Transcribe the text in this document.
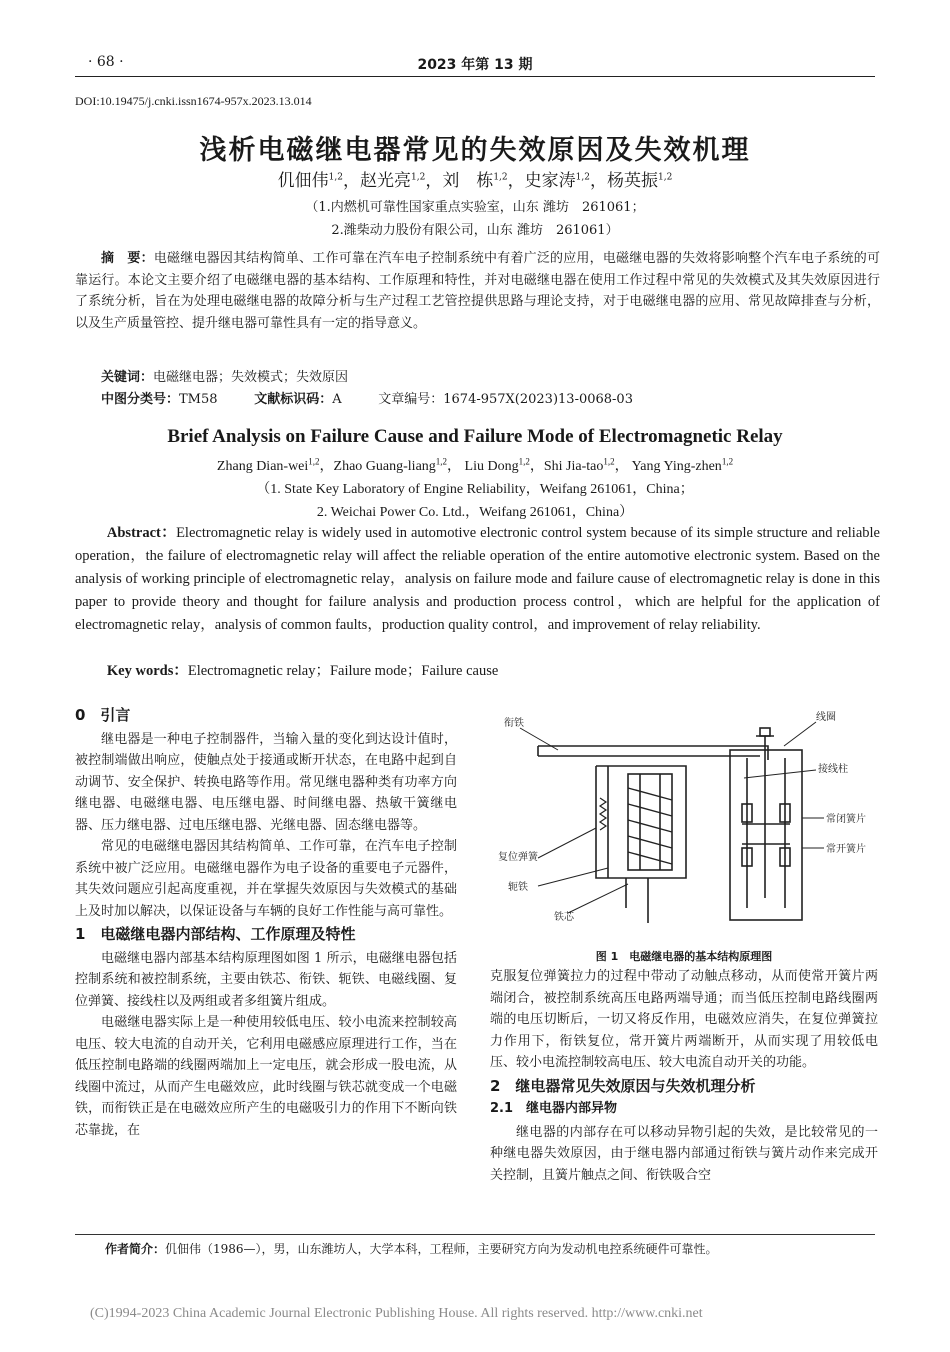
· 68 ·	2023 年第 13 期
DOI:10.19475/j.cnki.issn1674-957x.2023.13.014
浅析电磁继电器常见的失效原因及失效机理
仉佃伟$^{1,2}$，赵光亮$^{1,2}$，刘　栋$^{1,2}$，史家涛$^{1,2}$，杨英振$^{1,2}$
（1.内燃机可靠性国家重点实验室，山东 潍坊　261061；
2.潍柴动力股份有限公司，山东 潍坊　261061）
摘　要：电磁继电器因其结构简单、工作可靠在汽车电子控制系统中有着广泛的应用，电磁继电器的失效将影响整个汽车电子系统的可靠运行。本论文主要介绍了电磁继电器的基本结构、工作原理和特性，并对电磁继电器在使用工作过程中常见的失效模式及其失效原因进行了系统分析，旨在为处理电磁继电器的故障分析与生产过程工艺管控提供思路与理论支持，对于电磁继电器的应用、常见故障排查与分析，以及生产质量管控、提升继电器可靠性具有一定的指导意义。
关键词：电磁继电器；失效模式；失效原因
中图分类号：TM58	文献标识码：A	文章编号：1674-957X(2023)13-0068-03
Brief Analysis on Failure Cause and Failure Mode of Electromagnetic Relay
Zhang Dian-wei$^{1,2}$，Zhao Guang-liang$^{1,2}$， Liu Dong$^{1,2}$，Shi Jia-tao$^{1,2}$， Yang Ying-zhen$^{1,2}$
（1. State Key Laboratory of Engine Reliability，Weifang 261061，China；
2. Weichai Power Co. Ltd.，Weifang 261061，China）
Abstract：Electromagnetic relay is widely used in automotive electronic control system because of its simple structure and reliable operation，the failure of electromagnetic relay will affect the reliable operation of the entire automotive electronic system. Based on the analysis of working principle of electromagnetic relay，analysis on failure mode and failure cause of electromagnetic relay is done in this paper to provide theory and thought for failure analysis and production process control，which are helpful for the application of electromagnetic relay，analysis of common faults，production quality control，and improvement of relay reliability.
Key words：Electromagnetic relay；Failure mode；Failure cause
0　引言
继电器是一种电子控制器件，当输入量的变化到达设计值时，被控制端做出响应，使触点处于接通或断开状态，在电路中起到自动调节、安全保护、转换电路等作用。常见继电器种类有功率方向继电器、电磁继电器、电压继电器、时间继电器、热敏干簧继电器、压力继电器、过电压继电器、光继电器、固态继电器等。
常见的电磁继电器因其结构简单、工作可靠，在汽车电子控制系统中被广泛应用。电磁继电器作为电子设备的重要电子元器件，其失效问题应引起高度重视，并在掌握失效原因与失效模式的基础上及时加以解决，以保证设备与车辆的良好工作性能与高可靠性。
1　电磁继电器内部结构、工作原理及特性
电磁继电器内部基本结构原理图如图 1 所示，电磁继电器包括控制系统和被控制系统，主要由铁芯、衔铁、轭铁、电磁线圈、复位弹簧、接线柱以及两组或者多组簧片组成。
电磁继电器实际上是一种使用较低电压、较小电流来控制较高电压、较大电流的自动开关，它利用电磁感应原理进行工作，当在低压控制电路端的线圈两端加上一定电压，就会形成一股电流，从线圈中流过，从而产生电磁效应，此时线圈与铁芯就变成一个电磁铁，而衔铁正是在电磁效应所产生的电磁吸引力的作用下不断向铁芯靠拢，在
衔铁
线圈
接线柱
常闭簧片
常开簧片
复位弹簧
轭铁
铁芯
图 1　电磁继电器的基本结构原理图
克服复位弹簧拉力的过程中带动了动触点移动，从而使常开簧片两端闭合，被控制系统高压电路两端导通；而当低压控制电路线圈两端的电压切断后，一切又将反作用，电磁效应消失，在复位弹簧拉力作用下，衔铁复位，常开簧片两端断开，从而实现了用较低电压、较小电流控制较高电压、较大电流自动开关的功能。
2　继电器常见失效原因与失效机理分析
2.1　继电器内部异物
继电器的内部存在可以移动异物引起的失效，是比较常见的一种继电器失效原因，由于继电器内部通过衔铁与簧片动作来完成开关控制，且簧片触点之间、衔铁吸合空
作者简介：仉佃伟（1986—），男，山东潍坊人，大学本科，工程师，主要研究方向为发动机电控系统硬件可靠性。
(C)1994-2023 China Academic Journal Electronic Publishing House. All rights reserved. http://www.cnki.net
